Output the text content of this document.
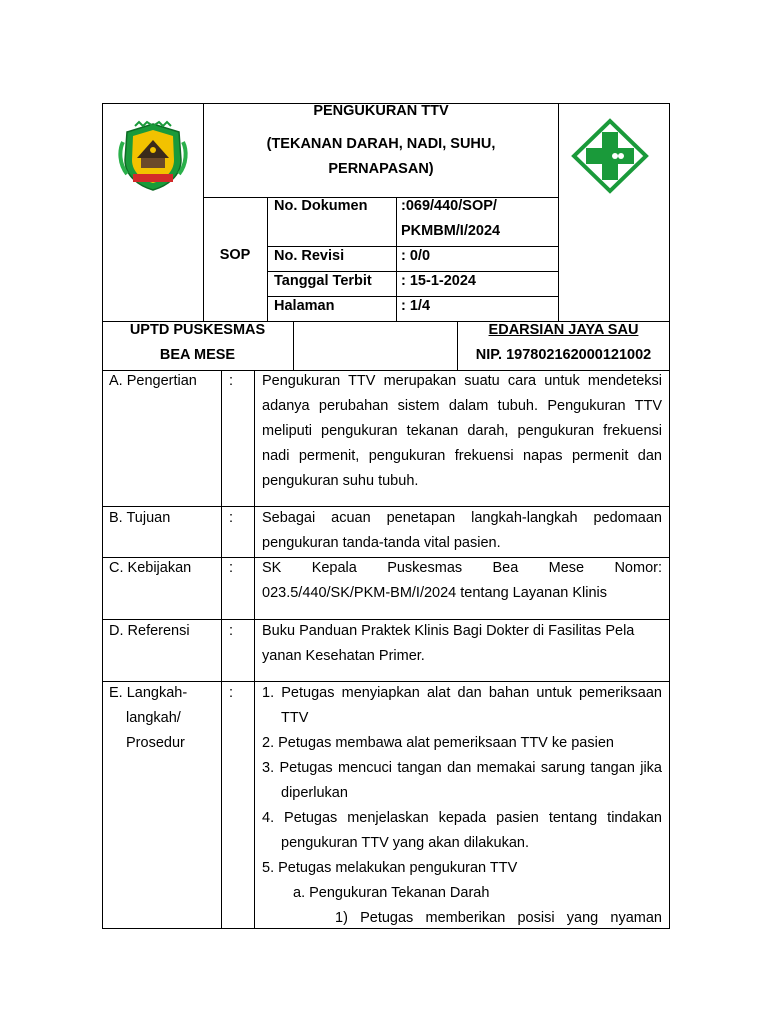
PENGUKURAN TTV
(TEKANAN DARAH, NADI, SUHU,
PERNAPASAN)
SOP
No. Dokumen :069/440/SOP/
PKMBM/I/2024
No. Revisi	: 0/0
Tanggal Terbit : 15-1-2024
Halaman	: 1/4
UPTD PUSKESMAS
BEA MESE
EDARSIAN JAYA SAU
NIP. 197802162000121002
A. Pengertian : Pengukuran TTV merupakan suatu cara untuk mendeteksi adanya perubahan sistem dalam tubuh. Pengukuran TTV meliputi pengukuran tekanan darah, pengukuran frekuensi nadi permenit, pengukuran frekuensi napas permenit dan pengukuran suhu tubuh.
B. Tujuan	: Sebagai acuan penetapan langkah-langkah pedomaan pengukuran tanda-tanda vital pasien.
C. Kebijakan	: SK Kepala Puskesmas Bea Mese Nomor: 023.5/440/SK/PKM-BM/I/2024 tentang Layanan Klinis
D. Referensi	: Buku Panduan Praktek Klinis Bagi Dokter di Fasilitas Pela yanan Kesehatan Primer.
E. Langkah-
langkah/
Prosedur
: 1. Petugas menyiapkan alat dan bahan untuk pemeriksaan TTV
2. Petugas membawa alat pemeriksaan TTV ke pasien
3. Petugas mencuci tangan dan memakai sarung tangan jika diperlukan
4. Petugas menjelaskan kepada pasien tentang tindakan pengukuran TTV yang akan dilakukan.
5. Petugas melakukan pengukuran TTV
a. Pengukuran Tekanan Darah
1) Petugas memberikan posisi yang nyaman
